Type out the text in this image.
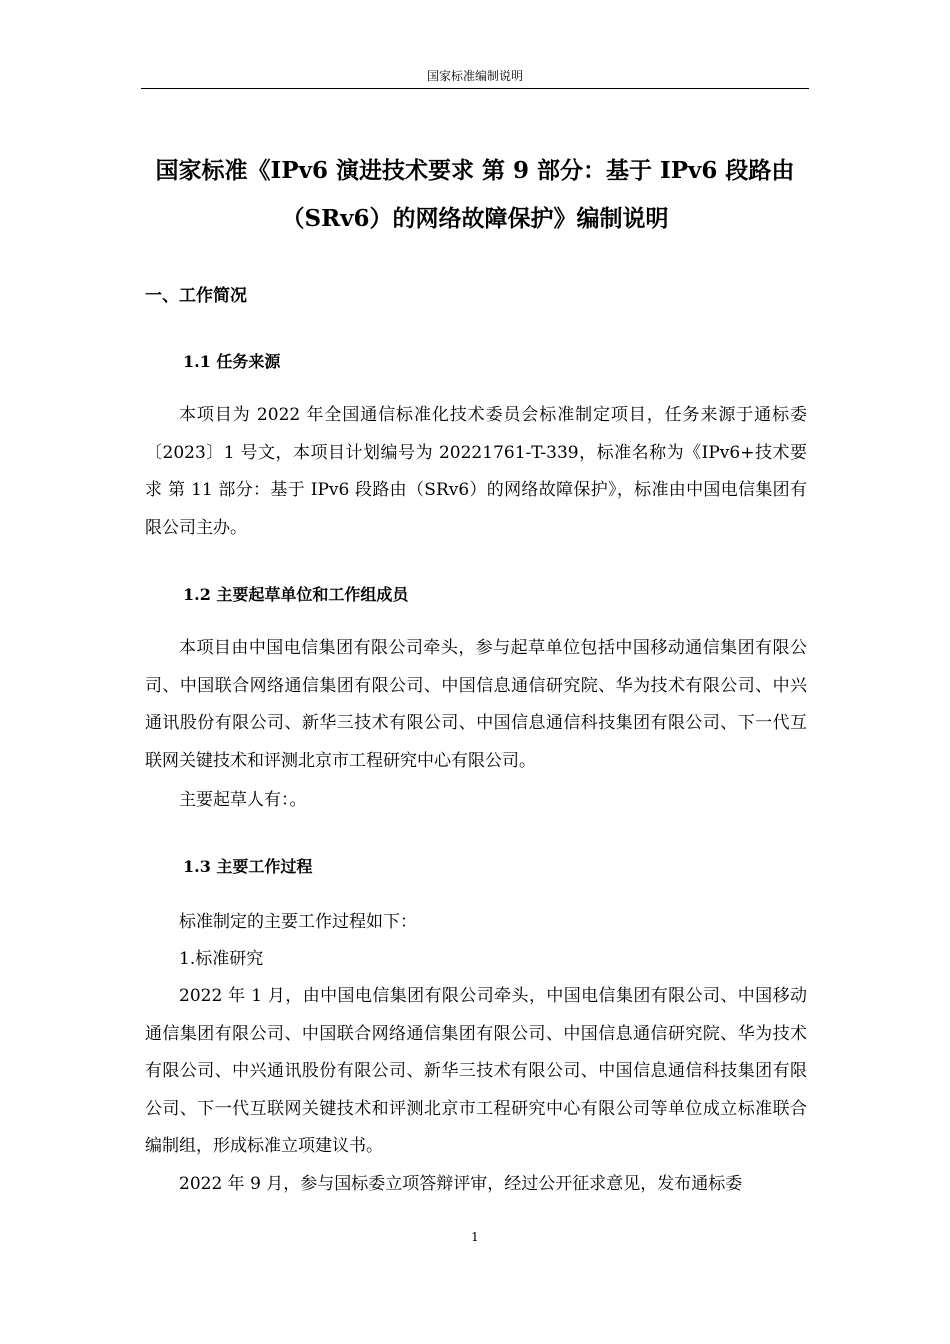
国家标准编制说明
国家标准《IPv6 演进技术要求 第 9 部分：基于 IPv6 段路由
（SRv6）的网络故障保护》编制说明
一、工作简况
1.1 任务来源
本项目为 2022 年全国通信标准化技术委员会标准制定项目，任务来源于通标委〔2023〕1 号文，本项目计划编号为 20221761-T-339，标准名称为《IPv6+技术要求 第 11 部分：基于 IPv6 段路由（SRv6）的网络故障保护》，标准由中国电信集团有限公司主办。
1.2 主要起草单位和工作组成员
本项目由中国电信集团有限公司牵头，参与起草单位包括中国移动通信集团有限公司、中国联合网络通信集团有限公司、中国信息通信研究院、华为技术有限公司、中兴通讯股份有限公司、新华三技术有限公司、中国信息通信科技集团有限公司、下一代互联网关键技术和评测北京市工程研究中心有限公司。
主要起草人有：。
1.3 主要工作过程
标准制定的主要工作过程如下：
1.标准研究
2022 年 1 月，由中国电信集团有限公司牵头，中国电信集团有限公司、中国移动通信集团有限公司、中国联合网络通信集团有限公司、中国信息通信研究院、华为技术有限公司、中兴通讯股份有限公司、新华三技术有限公司、中国信息通信科技集团有限公司、下一代互联网关键技术和评测北京市工程研究中心有限公司等单位成立标准联合编制组，形成标准立项建议书。
2022 年 9 月，参与国标委立项答辩评审，经过公开征求意见，发布通标委
1
